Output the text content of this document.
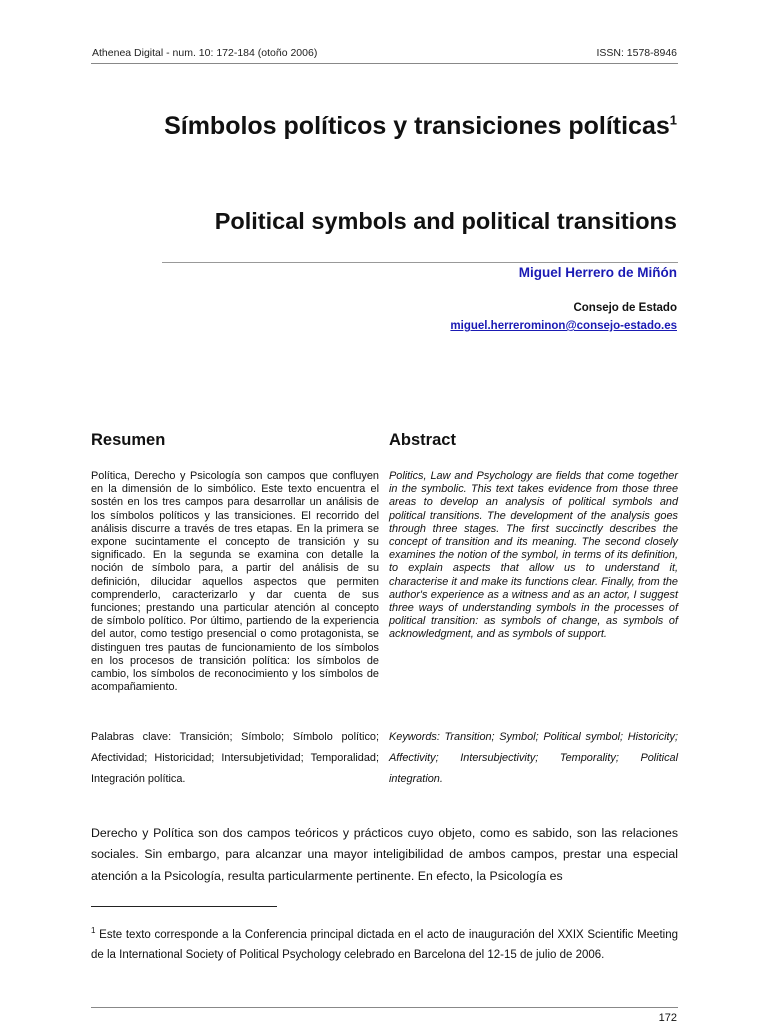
Athenea Digital - num. 10: 172-184 (otoño 2006)	ISSN: 1578-8946
Símbolos políticos y transiciones políticas$^1$
Political symbols and political transitions
Miguel Herrero de Miñón
Consejo de Estado
miguel.herrerominon@consejo-estado.es
Resumen	Abstract
Política, Derecho y Psicología son campos que confluyen en la dimensión de lo simbólico. Este texto encuentra el sostén en los tres campos para desarrollar un análisis de los símbolos políticos y las transiciones. El recorrido del análisis discurre a través de tres etapas. En la primera se expone sucintamente el concepto de transición y su significado. En la segunda se examina con detalle la noción de símbolo para, a partir del análisis de su definición, dilucidar aquellos aspectos que permiten comprenderlo, caracterizarlo y dar cuenta de sus funciones; prestando una particular atención al concepto de símbolo político. Por último, partiendo de la experiencia del autor, como testigo presencial o como protagonista, se distinguen tres pautas de funcionamiento de los símbolos en los procesos de transición política: los símbolos de cambio, los símbolos de reconocimiento y los símbolos de acompañamiento.
Politics, Law and Psychology are fields that come together in the symbolic. This text takes evidence from those three areas to develop an analysis of political symbols and political transitions. The development of the analysis goes through three stages. The first succinctly describes the concept of transition and its meaning. The second closely examines the notion of the symbol, in terms of its definition, to explain aspects that allow us to understand it, characterise it and make its functions clear. Finally, from the author's experience as a witness and as an actor, I suggest three ways of understanding symbols in the processes of political transition: as symbols of change, as symbols of acknowledgment, and as symbols of support.
Palabras clave: Transición; Símbolo; Símbolo político; Afectividad; Historicidad; Intersubjetividad; Temporalidad; Integración política.
Keywords: Transition; Symbol; Political symbol; Historicity; Affectivity; Intersubjectivity; Temporality; Political integration.
Derecho y Política son dos campos teóricos y prácticos cuyo objeto, como es sabido, son las relaciones sociales. Sin embargo, para alcanzar una mayor inteligibilidad de ambos campos, prestar una especial atención a la Psicología, resulta particularmente pertinente. En efecto, la Psicología es
$^1$ Este texto corresponde a la Conferencia principal dictada en el acto de inauguración del XXIX Scientific Meeting de la International Society of Political Psychology celebrado en Barcelona del 12-15 de julio de 2006.
172
